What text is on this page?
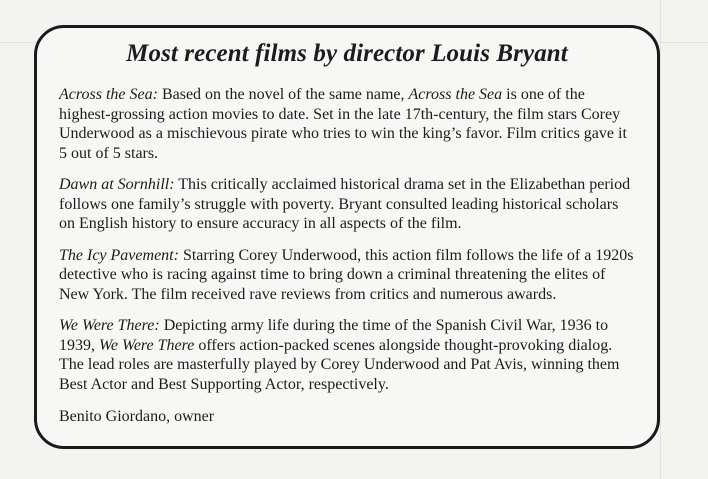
Most recent films by director Louis Bryant

Across the Sea: Based on the novel of the same name, Across the Sea is one of the highest-grossing action movies to date. Set in the late 17th-century, the film stars Corey Underwood as a mischievous pirate who tries to win the king’s favor. Film critics gave it 5 out of 5 stars.

Dawn at Sornhill: This critically acclaimed historical drama set in the Elizabethan period follows one family’s struggle with poverty. Bryant consulted leading historical scholars on English history to ensure accuracy in all aspects of the film.

The Icy Pavement: Starring Corey Underwood, this action film follows the life of a 1920s detective who is racing against time to bring down a criminal threatening the elites of New York. The film received rave reviews from critics and numerous awards.

We Were There: Depicting army life during the time of the Spanish Civil War, 1936 to 1939, We Were There offers action-packed scenes alongside thought-provoking dialog. The lead roles are masterfully played by Corey Underwood and Pat Avis, winning them Best Actor and Best Supporting Actor, respectively.

Benito Giordano, owner
